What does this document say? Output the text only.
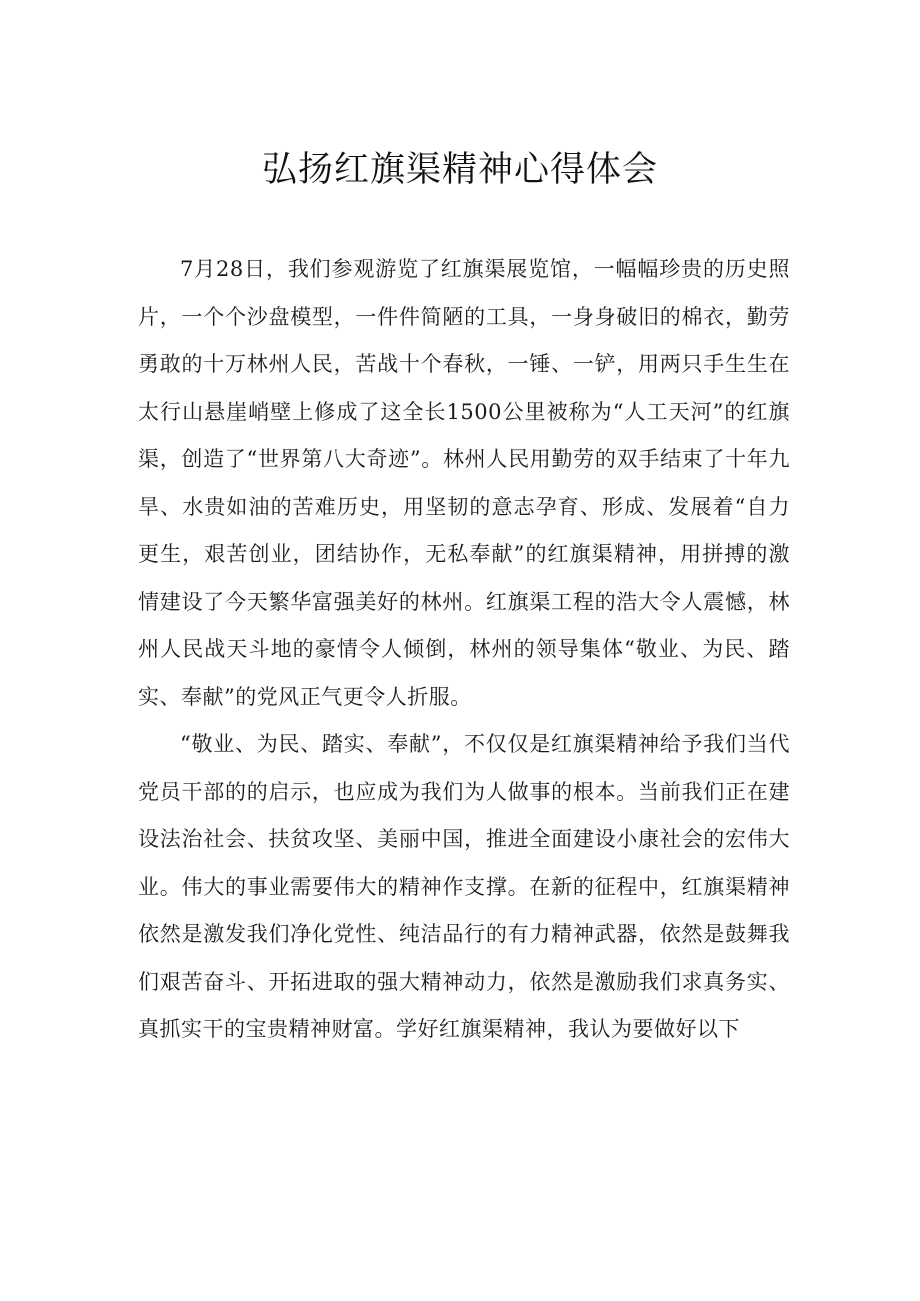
弘扬红旗渠精神心得体会

7月28日，我们参观游览了红旗渠展览馆，一幅幅珍贵的历史照片，一个个沙盘模型，一件件简陋的工具，一身身破旧的棉衣，勤劳勇敢的十万林州人民，苦战十个春秋，一锤、一铲，用两只手生生在太行山悬崖峭壁上修成了这全长1500公里被称为“人工天河”的红旗渠，创造了“世界第八大奇迹”。林州人民用勤劳的双手结束了十年九旱、水贵如油的苦难历史，用坚韧的意志孕育、形成、发展着“自力更生，艰苦创业，团结协作，无私奉献”的红旗渠精神，用拼搏的激情建设了今天繁华富强美好的林州。红旗渠工程的浩大令人震憾，林州人民战天斗地的豪情令人倾倒，林州的领导集体“敬业、为民、踏实、奉献”的党风正气更令人折服。

“敬业、为民、踏实、奉献”，不仅仅是红旗渠精神给予我们当代党员干部的的启示，也应成为我们为人做事的根本。当前我们正在建设法治社会、扶贫攻坚、美丽中国，推进全面建设小康社会的宏伟大业。伟大的事业需要伟大的精神作支撑。在新的征程中，红旗渠精神依然是激发我们净化党性、纯洁品行的有力精神武器，依然是鼓舞我们艰苦奋斗、开拓进取的强大精神动力，依然是激励我们求真务实、真抓实干的宝贵精神财富。学好红旗渠精神，我认为要做好以下
